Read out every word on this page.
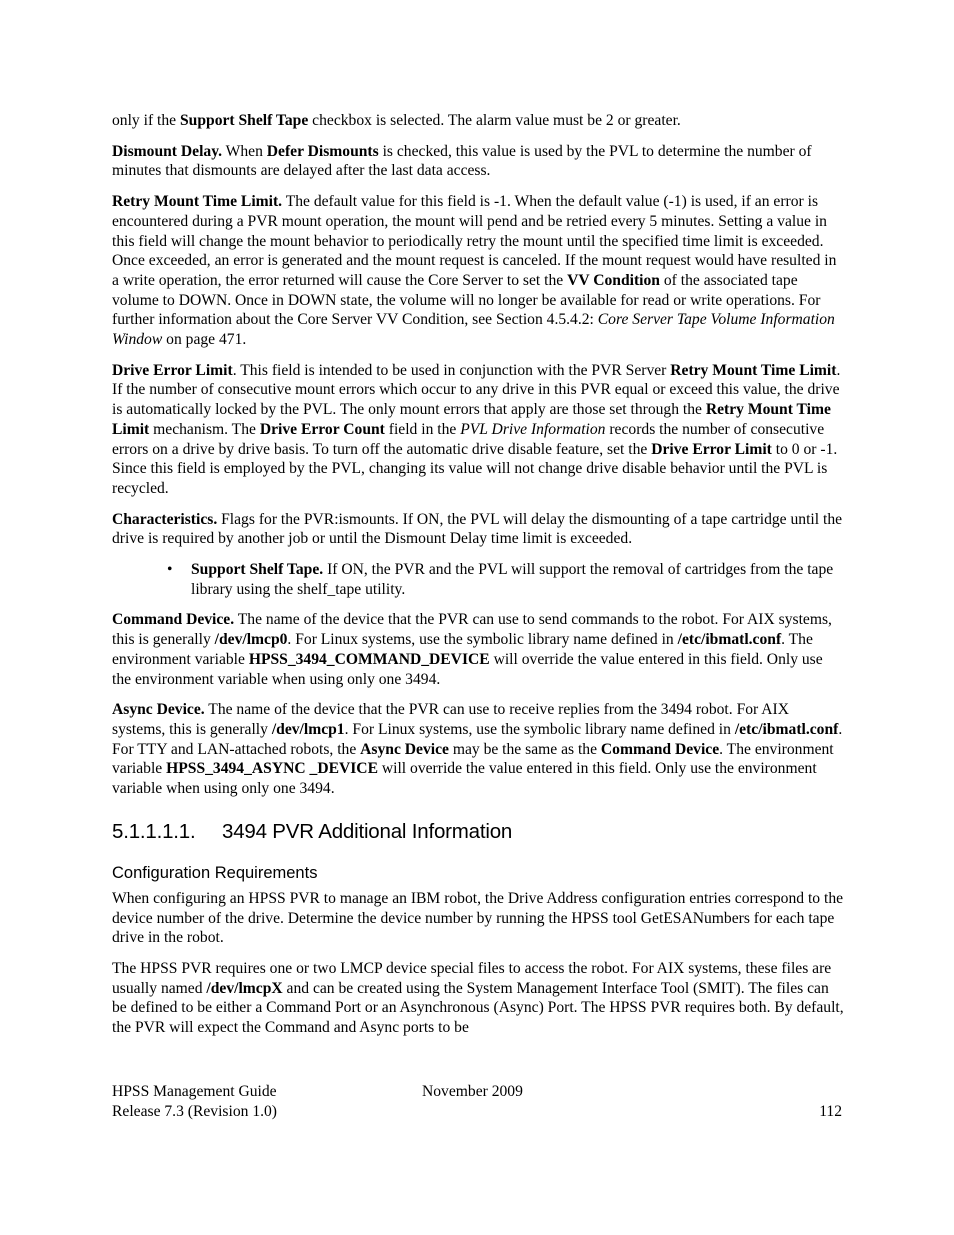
only if the Support Shelf Tape checkbox is selected. The alarm value must be 2 or greater.

Dismount Delay. When Defer Dismounts is checked, this value is used by the PVL to determine the number of minutes that dismounts are delayed after the last data access.

Retry Mount Time Limit. The default value for this field is -1. When the default value (-1) is used, if an error is encountered during a PVR mount operation, the mount will pend and be retried every 5 minutes. Setting a value in this field will change the mount behavior to periodically retry the mount until the specified time limit is exceeded. Once exceeded, an error is generated and the mount request is canceled. If the mount request would have resulted in a write operation, the error returned will cause the Core Server to set the VV Condition of the associated tape volume to DOWN. Once in DOWN state, the volume will no longer be available for read or write operations. For further information about the Core Server VV Condition, see Section 4.5.4.2: Core Server Tape Volume Information Window on page 471.

Drive Error Limit. This field is intended to be used in conjunction with the PVR Server Retry Mount Time Limit. If the number of consecutive mount errors which occur to any drive in this PVR equal or exceed this value, the drive is automatically locked by the PVL. The only mount errors that apply are those set through the Retry Mount Time Limit mechanism. The Drive Error Count field in the PVL Drive Information records the number of consecutive errors on a drive by drive basis. To turn off the automatic drive disable feature, set the Drive Error Limit to 0 or -1. Since this field is employed by the PVL, changing its value will not change drive disable behavior until the PVL is recycled.

Characteristics. Flags for the PVR:ismounts. If ON, the PVL will delay the dismounting of a tape cartridge until the drive is required by another job or until the Dismount Delay time limit is exceeded.

• Support Shelf Tape. If ON, the PVR and the PVL will support the removal of cartridges from the tape library using the shelf_tape utility.

Command Device. The name of the device that the PVR can use to send commands to the robot. For AIX systems, this is generally /dev/lmcp0. For Linux systems, use the symbolic library name defined in /etc/ibmatl.conf. The environment variable HPSS_3494_COMMAND_DEVICE will override the value entered in this field. Only use the environment variable when using only one 3494.

Async Device. The name of the device that the PVR can use to receive replies from the 3494 robot. For AIX systems, this is generally /dev/lmcp1. For Linux systems, use the symbolic library name defined in /etc/ibmatl.conf. For TTY and LAN-attached robots, the Async Device may be the same as the Command Device. The environment variable HPSS_3494_ASYNC _DEVICE will override the value entered in this field. Only use the environment variable when using only one 3494.

5.1.1.1.1. 3494 PVR Additional Information
Configuration Requirements

When configuring an HPSS PVR to manage an IBM robot, the Drive Address configuration entries correspond to the device number of the drive. Determine the device number by running the HPSS tool GetESANumbers for each tape drive in the robot.

The HPSS PVR requires one or two LMCP device special files to access the robot. For AIX systems, these files are usually named /dev/lmcpX and can be created using the System Management Interface Tool (SMIT). The files can be defined to be either a Command Port or an Asynchronous (Async) Port. The HPSS PVR requires both. By default, the PVR will expect the Command and Async ports to be

HPSS Management Guide	November 2009
Release 7.3 (Revision 1.0)	112
